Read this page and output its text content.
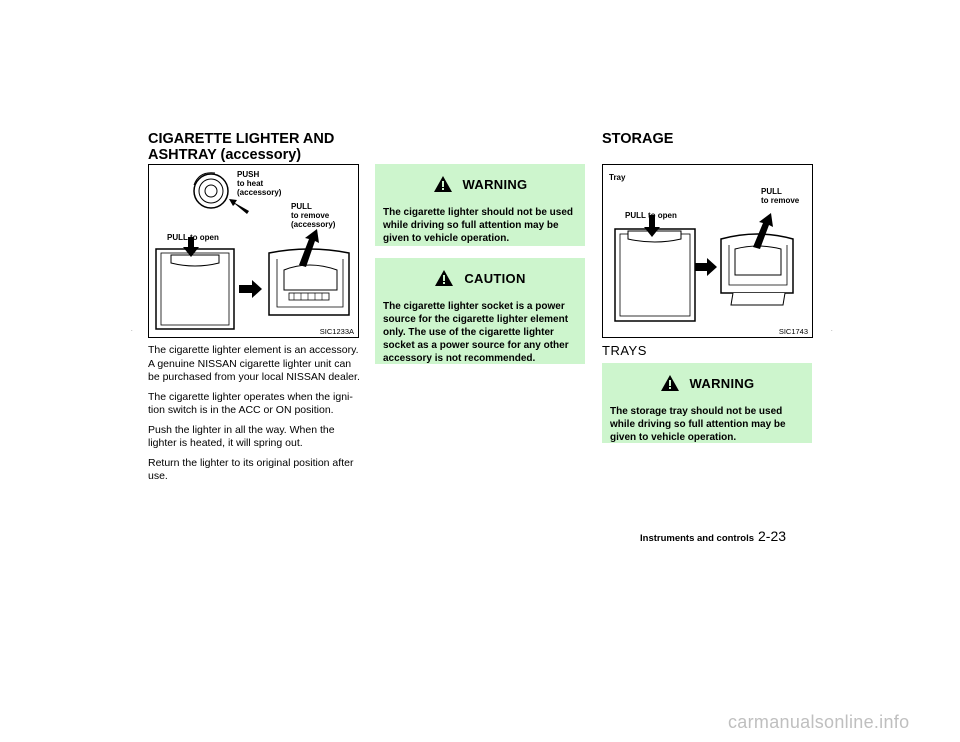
CIGARETTE LIGHTER AND
ASHTRAY (accessory)
.
PUSH
to heat
(accessory)
PULL
to remove
(accessory)
PULL to open
SIC1233A

The cigarette lighter element is an accessory. A genuine NISSAN cigarette lighter unit can be purchased from your local NISSAN dealer.

The cigarette lighter operates when the igni- tion switch is in the ACC or ON position.

Push the lighter in all the way. When the lighter is heated, it will spring out.

Return the lighter to its original position after use.

WARNING
The cigarette lighter should not be used while driving so full attention may be given to vehicle operation.
CAUTION
The cigarette lighter socket is a power source for the cigarette lighter element only. The use of the cigarette lighter socket as a power source for any other accessory is not recommended.
STORAGE
Tray
PULL
to remove
PULL to open
SIC1743
TRAYS
WARNING
The storage tray should not be used while driving so full attention may be given to vehicle operation.
.
Instruments and controls 2-23
carmanualsonline.info
